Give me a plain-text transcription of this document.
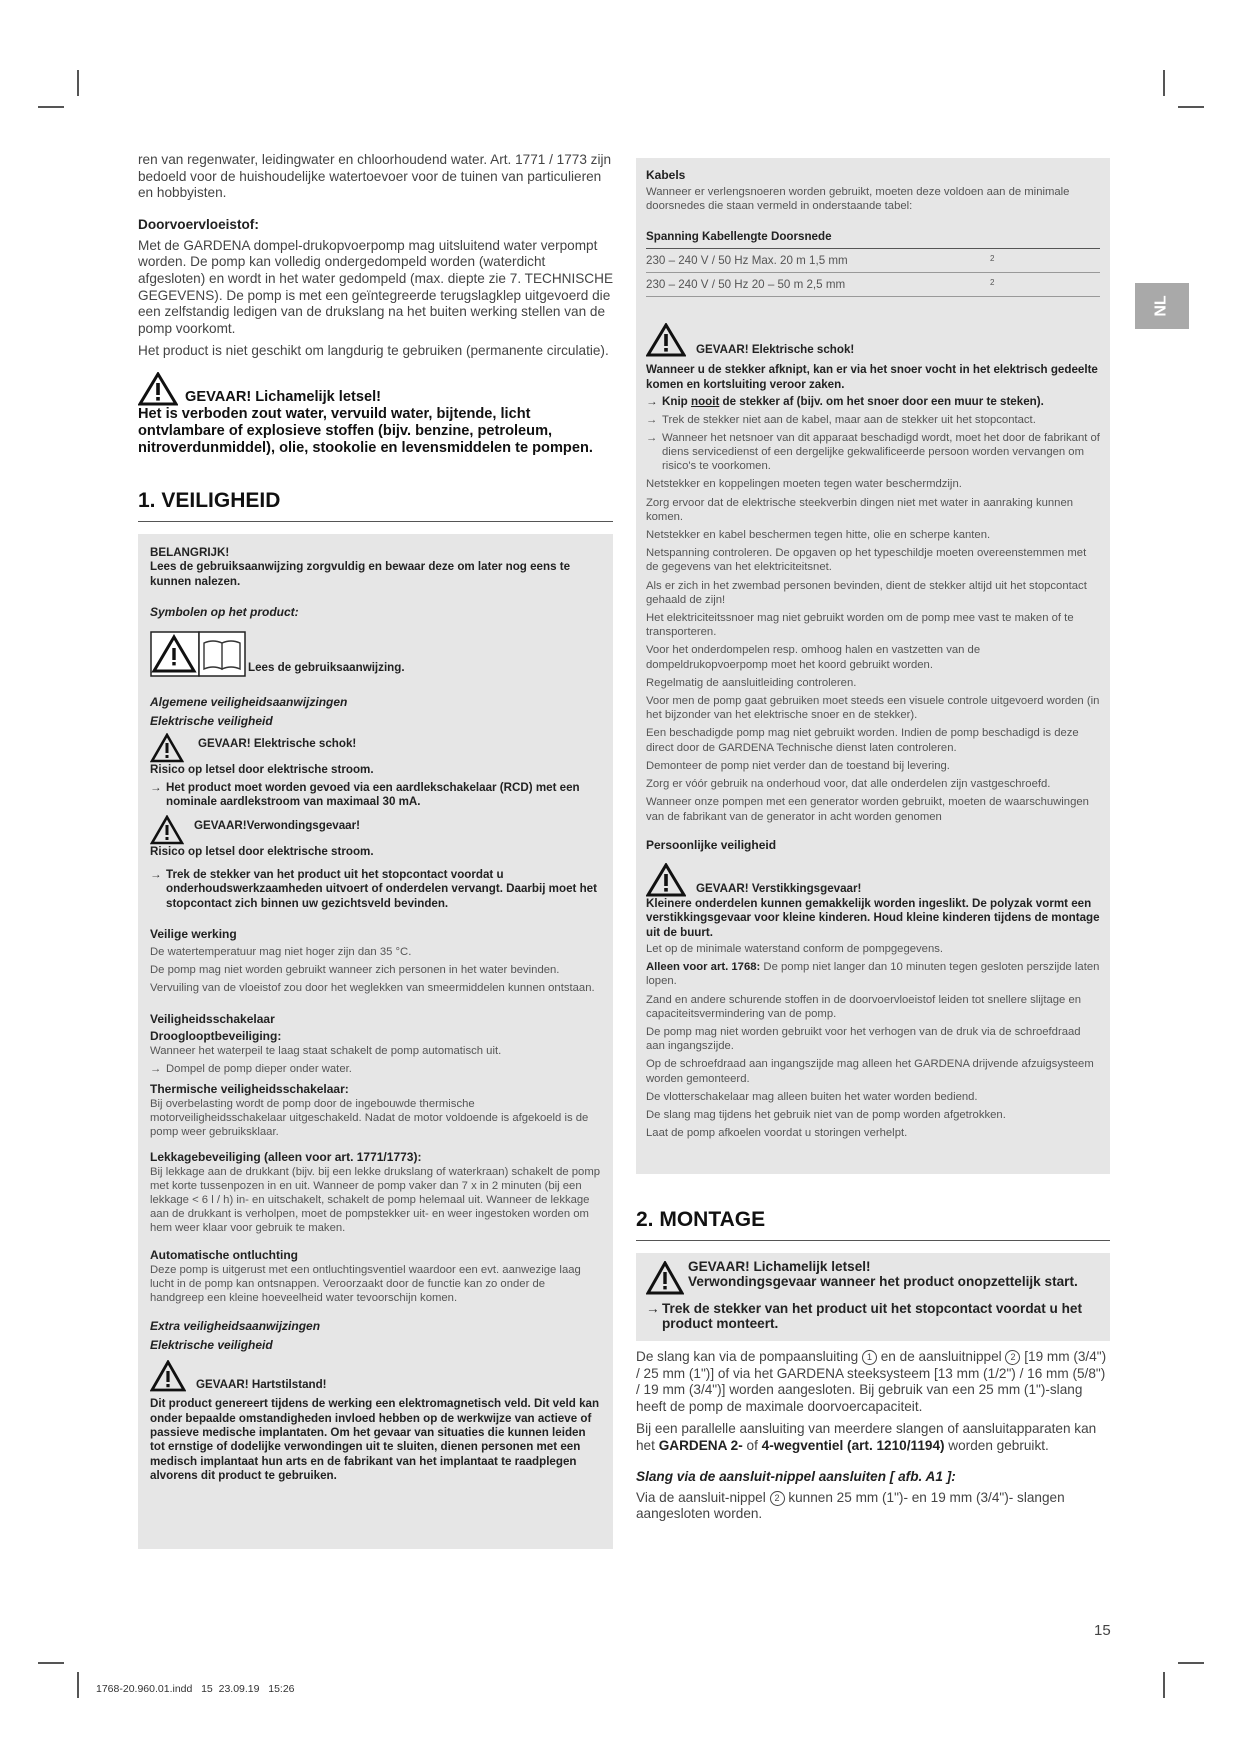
NL

ren van regenwater, leidingwater en chloorhoudend water. Art. 1771 / 1773 zijn bedoeld voor de huishoudelijke watertoevoer voor de tuinen van particulieren en hobbyisten.

Doorvoervloeistof:

Met de GARDENA dompel-drukopvoerpomp mag uitsluitend water verpompt worden. De pomp kan volledig ondergedompeld worden (waterdicht afgesloten) en wordt in het water gedompeld (max. diepte zie 7. TECHNISCHE GEGEVENS). De pomp is met een geïntegreerde terugslagklep uitgevoerd die een zelfstandig ledigen van de drukslang na het buiten werking stellen van de pomp voorkomt.

Het product is niet geschikt om langdurig te gebruiken (permanente circulatie).

GEVAAR! Lichamelijk letsel!

Het is verboden zout water, vervuild water, bijtende, licht ontvlambare of explosieve stoffen (bijv. benzine, petroleum, nitroverdunmiddel), olie, stookolie en levensmiddelen te pompen.

1. VEILIGHEID

BELANGRIJK!

Lees de gebruiksaanwijzing zorgvuldig en bewaar deze om later nog eens te kunnen nalezen.

Symbolen op het product:

Lees de gebruiksaanwijzing.

Algemene veiligheidsaanwijzingen

Elektrische veiligheid

GEVAAR! Elektrische schok!

Risico op letsel door elektrische stroom.

→ Het product moet worden gevoed via een aardlekschakelaar (RCD) met een nominale aardlekstroom van maximaal 30 mA.
GEVAAR!Verwondingsgevaar!

Risico op letsel door elektrische stroom.

→ Trek de stekker van het product uit het stopcontact voordat u onderhoudswerkzaamheden uitvoert of onderdelen vervangt. Daarbij moet het stopcontact zich binnen uw gezichtsveld bevinden.

Veilige werking

De watertemperatuur mag niet hoger zijn dan 35 °C.

De pomp mag niet worden gebruikt wanneer zich personen in het water bevinden.

Vervuiling van de vloeistof zou door het weglekken van smeermiddelen kunnen ontstaan.

Veiligheidsschakelaar

Drooglooptbeveiliging:

Wanneer het waterpeil te laag staat schakelt de pomp automatisch uit.

→ Dompel de pomp dieper onder water.

Thermische veiligheidsschakelaar:

Bij overbelasting wordt de pomp door de ingebouwde thermische motorveiligheidsschakelaar uitgeschakeld. Nadat de motor voldoende is afgekoeld is de pomp weer gebruiksklaar.

Lekkagebeveiliging (alleen voor art. 1771/1773):

Bij lekkage aan de drukkant (bijv. bij een lekke drukslang of waterkraan) schakelt de pomp met korte tussenpozen in en uit. Wanneer de pomp vaker dan 7 x in 2 minuten (bij een lekkage < 6 l / h) in- en uitschakelt, schakelt de pomp helemaal uit. Wanneer de lekkage aan de drukkant is verholpen, moet de pompstekker uit- en weer ingestoken worden om hem weer klaar voor gebruik te maken.

Automatische ontluchting

Deze pomp is uitgerust met een ontluchtingsventiel waardoor een evt. aanwezige laag lucht in de pomp kan ontsnappen. Veroorzaakt door de functie kan zo onder de handgreep een kleine hoeveelheid water tevoorschijn komen.

Extra veiligheidsaanwijzingen

Elektrische veiligheid

GEVAAR! Hartstilstand!

Dit product genereert tijdens de werking een elektromagnetisch veld. Dit veld kan onder bepaalde omstandigheden invloed hebben op de werkwijze van actieve of passieve medische implantaten. Om het gevaar van situaties die kunnen leiden tot ernstige of dodelijke verwondingen uit te sluiten, dienen personen met een medisch implantaat hun arts en de fabrikant van het implantaat te raadplegen alvorens dit product te gebruiken.

Kabels

Wanneer er verlengsnoeren worden gebruikt, moeten deze voldoen aan de minimale doorsnedes die staan vermeld in onderstaande tabel:

Spanning Kabellengte Doorsnede	
230 – 240 V / 50 Hz Max. 20 m 1,5 mm	2
230 – 240 V / 50 Hz 20 – 50 m 2,5 mm	2
GEVAAR! Elektrische schok!

Wanneer u de stekker afknipt, kan er via het snoer vocht in het elektrisch gedeelte komen en kortsluiting veroor zaken.

→ Knip nooit de stekker af (bijv. om het snoer door een muur te steken).
→ Trek de stekker niet aan de kabel, maar aan de stekker uit het stopcontact.
→ Wanneer het netsnoer van dit apparaat beschadigd wordt, moet het door de fabrikant of diens servicedienst of een dergelijke gekwalificeerde persoon worden vervangen om risico's te voorkomen.

Netstekker en koppelingen moeten tegen water beschermdzijn.

Zorg ervoor dat de elektrische steekverbin dingen niet met water in aanraking kunnen komen.

Netstekker en kabel beschermen tegen hitte, olie en scherpe kanten.

Netspanning controleren. De opgaven op het typeschildje moeten overeenstemmen met de gegevens van het elektriciteitsnet.

Als er zich in het zwembad personen bevinden, dient de stekker altijd uit het stopcontact gehaald de zijn!

Het elektriciteitssnoer mag niet gebruikt worden om de pomp mee vast te maken of te transporteren.

Voor het onderdompelen resp. omhoog halen en vastzetten van de dompeldrukopvoerpomp moet het koord gebruikt worden.

Regelmatig de aansluitleiding controleren.

Voor men de pomp gaat gebruiken moet steeds een visuele controle uitgevoerd worden (in het bijzonder van het elektrische snoer en de stekker).

Een beschadigde pomp mag niet gebruikt worden. Indien de pomp beschadigd is deze direct door de GARDENA Technische dienst laten controleren.

Demonteer de pomp niet verder dan de toestand bij levering.

Zorg er vóór gebruik na onderhoud voor, dat alle onderdelen zijn vastgeschroefd.

Wanneer onze pompen met een generator worden gebruikt, moeten de waarschuwingen van de fabrikant van de generator in acht worden genomen

Persoonlijke veiligheid

GEVAAR! Verstikkingsgevaar!

Kleinere onderdelen kunnen gemakkelijk worden ingeslikt. De polyzak vormt een verstikkingsgevaar voor kleine kinderen. Houd kleine kinderen tijdens de montage uit de buurt.

Let op de minimale waterstand conform de pompgegevens.

Alleen voor art. 1768: De pomp niet langer dan 10 minuten tegen gesloten perszijde laten lopen.

Zand en andere schurende stoffen in de doorvoervloeistof leiden tot snellere slijtage en capaciteitsvermindering van de pomp.

De pomp mag niet worden gebruikt voor het verhogen van de druk via de schroefdraad aan ingangszijde.

Op de schroefdraad aan ingangszijde mag alleen het GARDENA drijvende afzuigsysteem worden gemonteerd.

De vlotterschakelaar mag alleen buiten het water worden bediend.

De slang mag tijdens het gebruik niet van de pomp worden afgetrokken.

Laat de pomp afkoelen voordat u storingen verhelpt.

2. MONTAGE

GEVAAR! Lichamelijk letsel!

Verwondingsgevaar wanneer het product onopzettelijk start.

→ Trek de stekker van het product uit het stopcontact voordat u het product monteert.

De slang kan via de pompaansluiting 1 en de aansluitnippel 2 [19 mm (3/4") / 25 mm (1")] of via het GARDENA steeksysteem [13 mm (1/2") / 16 mm (5/8") / 19 mm (3/4")] worden aangesloten. Bij gebruik van een 25 mm (1")-slang heeft de pomp de maximale doorvoercapaciteit.

Bij een parallelle aansluiting van meerdere slangen of aansluitapparaten kan het GARDENA 2- of 4-wegventiel (art. 1210/1194) worden gebruikt.

Slang via de aansluit-nippel aansluiten [ afb. A1 ]:

Via de aansluit-nippel 2 kunnen 25 mm (1")- en 19 mm (3/4")- slangen aangesloten worden.

15
1768-20.960.01.indd   15  23.09.19   15:26
